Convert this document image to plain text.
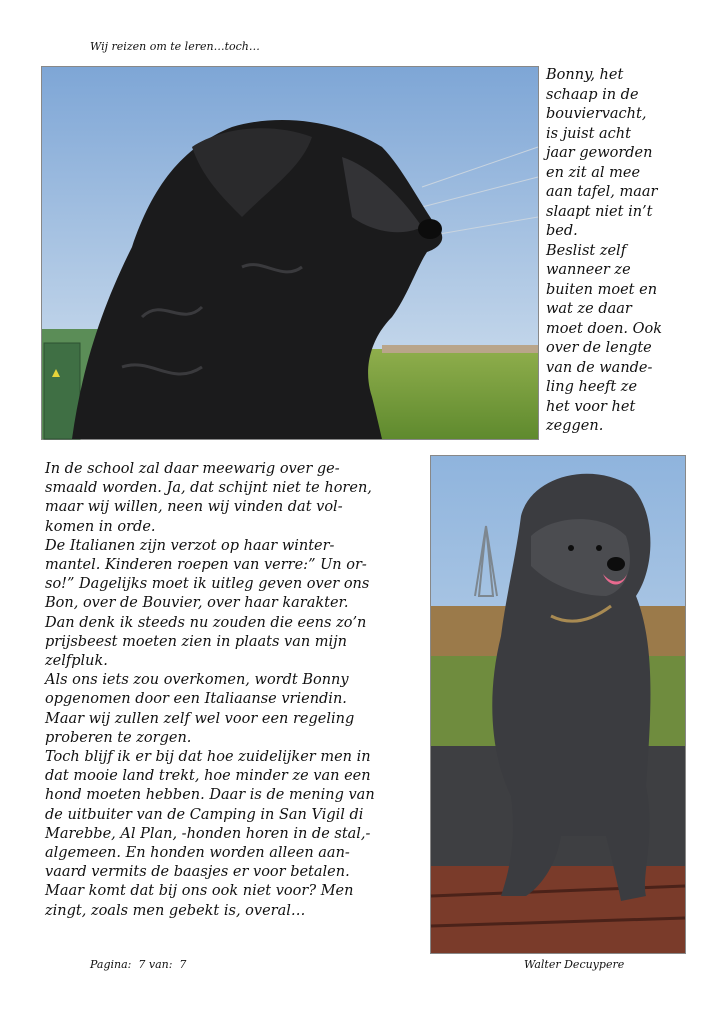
Wij reizen om te leren…toch…
Bonny, het
schaap in de
bouviervacht,
is juist acht
jaar geworden
en zit al mee
aan tafel, maar
slaapt niet in’t
bed.
Beslist zelf
wanneer ze
buiten moet en
wat ze daar
moet doen. Ook
over de lengte
van de wande-
ling heeft ze
het voor het
zeggen.
In de school zal daar meewarig over ge-
smaald worden. Ja, dat schijnt niet te horen,
maar wij willen, neen wij vinden dat vol-
komen in orde.
De Italianen zijn verzot op haar winter-
mantel. Kinderen roepen van verre:” Un or-
so!” Dagelijks moet ik uitleg geven over ons
Bon, over de Bouvier, over haar karakter.
Dan denk ik steeds nu zouden die eens zo’n
prijsbeest moeten zien in plaats van mijn
zelfpluk.
Als ons iets zou overkomen, wordt Bonny
opgenomen door een Italiaanse vriendin.
Maar wij zullen zelf wel voor een regeling
proberen te zorgen.
Toch blijf ik er bij dat hoe zuidelijker men in
dat mooie land trekt, hoe minder ze van een
hond moeten hebben. Daar is de mening van
de uitbuiter van de Camping in San Vigil di
Marebbe, Al Plan, -honden horen in de stal,-
algemeen. En honden worden alleen aan-
vaard vermits de baasjes er voor betalen.
Maar komt dat bij ons ook niet voor? Men
zingt, zoals men gebekt is, overal…
Pagina:  7 van:  7	Walter Decuypere
